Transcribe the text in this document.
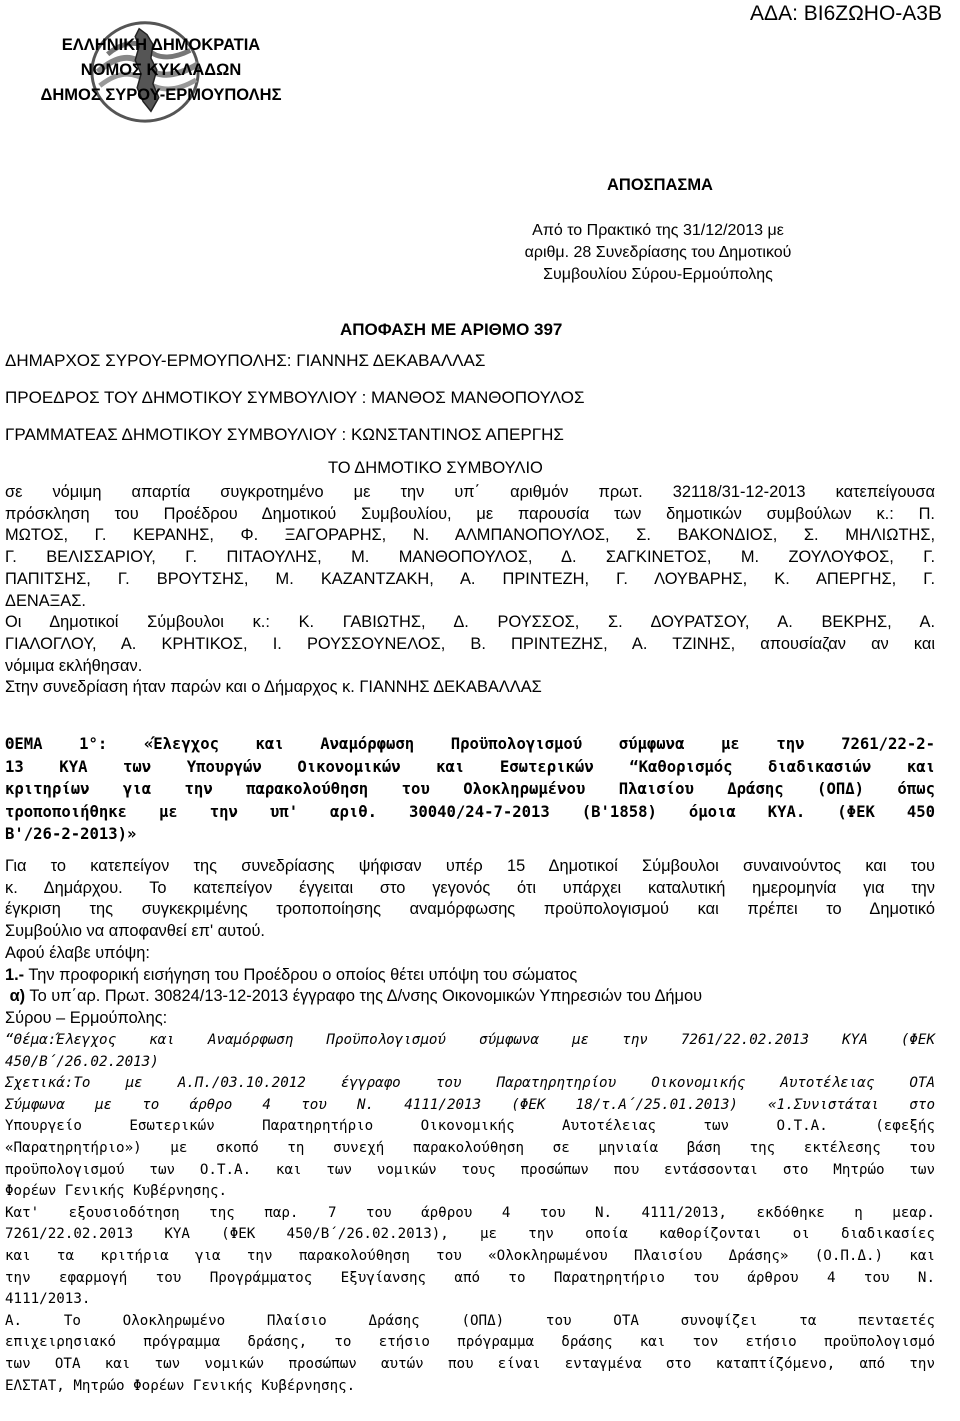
ΑΔΑ: ΒΙ6ΖΩΗΟ-Α3Β
ΕΛΛΗΝΙΚΗ ΔΗΜΟΚΡΑΤΙΑ
ΝΟΜΟΣ ΚΥΚΛΑΔΩΝ
ΔΗΜΟΣ ΣΥΡΟΥ-ΕΡΜΟΥΠΟΛΗΣ
ΑΠΟΣΠΑΣΜΑ
Από το Πρακτικό της 31/12/2013 με
αριθμ. 28 Συνεδρίασης του Δημοτικού
Συμβουλίου Σύρου-Ερμούπολης
ΑΠΟΦΑΣΗ ΜΕ ΑΡΙΘΜΟ 397
ΔΗΜΑΡΧΟΣ ΣΥΡΟΥ-ΕΡΜΟΥΠΟΛΗΣ: ΓΙΑΝΝΗΣ ΔΕΚΑΒΑΛΛΑΣ
ΠΡΟΕΔΡΟΣ ΤΟΥ ΔΗΜΟΤΙΚΟΥ ΣΥΜΒΟΥΛΙΟΥ : ΜΑΝΘΟΣ ΜΑΝΘΟΠΟΥΛΟΣ
ΓΡΑΜΜΑΤΕΑΣ ΔΗΜΟΤΙΚΟΥ ΣΥΜΒΟΥΛΙΟΥ : ΚΩΝΣΤΑΝΤΙΝΟΣ ΑΠΕΡΓΗΣ
ΤΟ ΔΗΜΟΤΙΚΟ ΣΥΜΒΟΥΛΙΟ

σε νόμιμη απαρτία συγκροτημένο με την υπ΄ αριθμόν πρωτ. 32118/31-12-2013 κατεπείγουσα

πρόσκληση του Προέδρου Δημοτικού Συμβουλίου, με παρουσία των δημοτικών συμβούλων κ.: Π.

ΜΩΤΟΣ, Γ. ΚΕΡΑΝΗΣ, Φ. ΞΑΓΟΡΑΡΗΣ, Ν. ΑΛΜΠΑΝΟΠΟΥΛΟΣ, Σ. ΒΑΚΟΝΔΙΟΣ, Σ. ΜΗΛΙΩΤΗΣ,

Γ. ΒΕΛΙΣΣΑΡΙΟΥ, Γ. ΠΙΤΑΟΥΛΗΣ, Μ. ΜΑΝΘΟΠΟΥΛΟΣ, Δ. ΣΑΓΚΙΝΕΤΟΣ, Μ. ΖΟΥΛΟΥΦΟΣ, Γ.

ΠΑΠΙΤΣΗΣ, Γ. ΒΡΟΥΤΣΗΣ, Μ. ΚΑΖΑΝΤΖΑΚΗ, Α. ΠΡΙΝΤΕΖΗ, Γ. ΛΟΥΒΑΡΗΣ, Κ. ΑΠΕΡΓΗΣ, Γ.

ΔΕΝΑΞΑΣ.

Οι Δημοτικοί Σύμβουλοι κ.: Κ. ΓΑΒΙΩΤΗΣ, Δ. ΡΟΥΣΣΟΣ, Σ. ΔΟΥΡΑΤΣΟΥ, Α. ΒΕΚΡΗΣ, Α.

ΓΙΑΛΟΓΛΟΥ, Α. ΚΡΗΤΙΚΟΣ, Ι. ΡΟΥΣΣΟΥΝΕΛΟΣ, Β. ΠΡΙΝΤΕΖΗΣ, Α. ΤΖΙΝΗΣ, απουσίαζαν αν και

νόμιμα εκλήθησαν.

Στην συνεδρίαση ήταν παρών και ο Δήμαρχος κ. ΓΙΑΝΝΗΣ ΔΕΚΑΒΑΛΛΑΣ

ΘΕΜΑ 1°: «Έλεγχος και Αναμόρφωση Προϋπολογισμού σύμφωνα με την 7261/22-2-

13 ΚΥΑ των Υπουργών Οικονομικών και Εσωτερικών “Καθορισμός διαδικασιών και

κριτηρίων για την παρακολούθηση του Ολοκληρωμένου Πλαισίου Δράσης (ΟΠΔ) όπως

τροποποιήθηκε με την υπ' αριθ. 30040/24-7-2013 (Β'1858) όμοια ΚΥΑ. (ΦΕΚ 450

Β'/26-2-2013)»

Για το κατεπείγον της συνεδρίασης ψήφισαν υπέρ 15 Δημοτικοί Σύμβουλοι συναινούντος και του

κ. Δημάρχου. Το κατεπείγον έγγειται στο γεγονός ότι υπάρχει καταλυτική ημερομηνία για την

έγκριση της συγκεκριμένης τροποποίησης αναμόρφωσης προϋπολογισμού και πρέπει το Δημοτικό

Συμβούλιο να αποφανθεί επ' αυτού.

Αφού έλαβε υπόψη:

1.- Την προφορική εισήγηση του Προέδρου ο οποίος θέτει υπόψη του σώματος

α) Το υπ΄αρ. Πρωτ. 30824/13-12-2013 έγγραφο της Δ/νσης Οικονομικών Υπηρεσιών του Δήμου

Σύρου – Ερμούπολης:

“Θέμα:Έλεγχος και Αναμόρφωση Προϋπολογισμού σύμφωνα με την 7261/22.02.2013 ΚΥΑ (ΦΕΚ

450/Β΄/26.02.2013)

Σχετικά:Το με Α.Π./03.10.2012 έγγραφο του Παρατηρητηρίου Οικονομικής Αυτοτέλειας ΟΤΑ

Σύμφωνα με το άρθρο 4 του Ν. 4111/2013 (ΦΕΚ 18/τ.Α΄/25.01.2013) «1.Συνιστάται στο

Υπουργείο Εσωτερικών Παρατηρητήριο Οικονομικής Αυτοτέλειας των Ο.Τ.Α. (εφεξής

«Παρατηρητήριο») με σκοπό τη συνεχή παρακολούθηση σε μηνιαία βάση της εκτέλεσης του

προϋπολογισμού των Ο.Τ.Α. και των νομικών τους προσώπων που εντάσσονται στο Μητρώο των

Φορέων Γενικής Κυβέρνησης.

Κατ' εξουσιοδότηση της παρ. 7 του άρθρου 4 του Ν. 4111/2013, εκδόθηκε η μεαρ.

7261/22.02.2013 ΚΥΑ (ΦΕΚ 450/Β΄/26.02.2013), με την οποία καθορίζονται οι διαδικασίες

και τα κριτήρια για την παρακολούθηση του «Ολοκληρωμένου Πλαισίου Δράσης» (Ο.Π.Δ.) και

την εφαρμογή του Προγράμματος Εξυγίανσης από το Παρατηρητήριο του άρθρου 4 του Ν.

4111/2013.

Α. Το Ολοκληρωμένο Πλαίσιο Δράσης (ΟΠΔ) του ΟΤΑ συνοψίζει τα πενταετές

επιχειρησιακό πρόγραμμα δράσης, το ετήσιο πρόγραμμα δράσης και τον ετήσιο προϋπολογισμό

των ΟΤΑ και των νομικών προσώπων αυτών που είναι ενταγμένα στο καταπτίζόμενο, από την

ΕΛΣΤΑΤ, Μητρώο Φορέων Γενικής Κυβέρνησης.
